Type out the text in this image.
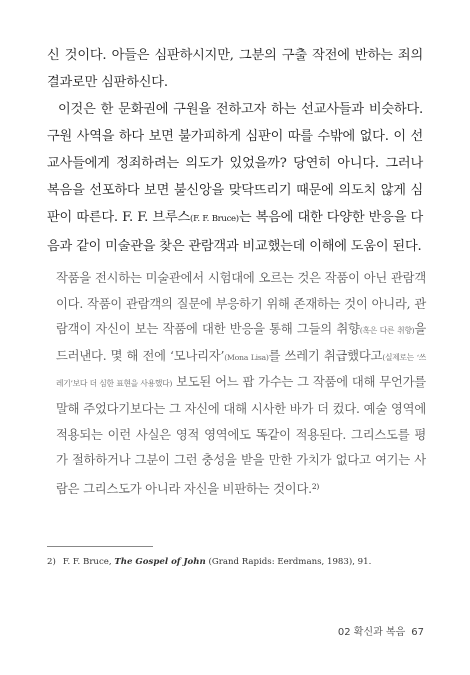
신 것이다. 아들은 심판하시지만, 그분의 구출 작전에 반하는 죄의 결과로만 심판하신다.

이것은 한 문화권에 구원을 전하고자 하는 선교사들과 비슷하다. 구원 사역을 하다 보면 불가피하게 심판이 따를 수밖에 없다. 이 선교사들에게 정죄하려는 의도가 있었을까? 당연히 아니다. 그러나 복음을 선포하다 보면 불신앙을 맞닥뜨리기 때문에 의도치 않게 심판이 따른다. F. F. 브루스(F. F. Bruce)는 복음에 대한 다양한 반응을 다음과 같이 미술관을 찾은 관람객과 비교했는데 이해에 도움이 된다.

작품을 전시하는 미술관에서 시험대에 오르는 것은 작품이 아닌 관람객이다. 작품이 관람객의 질문에 부응하기 위해 존재하는 것이 아니라, 관람객이 자신이 보는 작품에 대한 반응을 통해 그들의 취향(혹은 다른 취향)을 드러낸다. 몇 해 전에 ‘모나리자’(Mona Lisa)를 쓰레기 취급했다고(실제로는 ‘쓰레기’보다 더 심한 표현을 사용했다) 보도된 어느 팝 가수는 그 작품에 대해 무언가를 말해 주었다기보다는 그 자신에 대해 시사한 바가 더 컸다. 예술 영역에 적용되는 이런 사실은 영적 영역에도 똑같이 적용된다. 그리스도를 평가 절하하거나 그분이 그런 충성을 받을 만한 가치가 없다고 여기는 사람은 그리스도가 아니라 자신을 비판하는 것이다.$^{2)}$

2) F. F. Bruce, The Gospel of John (Grand Rapids: Eerdmans, 1983), 91.
02 확신과 복음 67
